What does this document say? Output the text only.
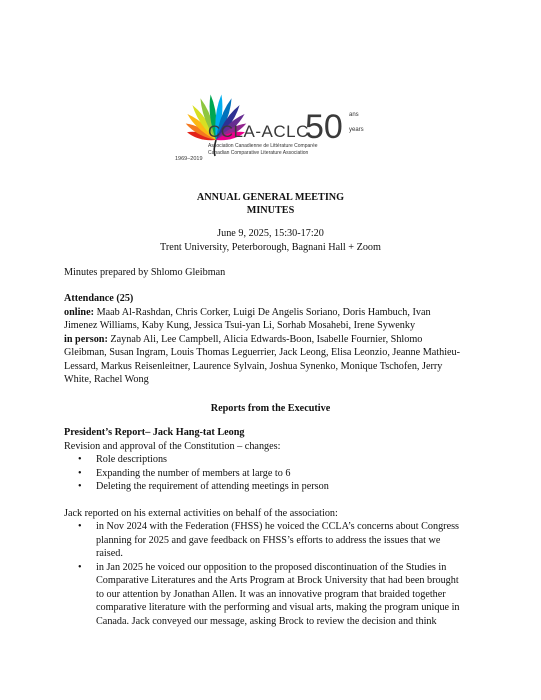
CCLA-ACLC
50 ans
years
Association Canadienne de Littérature Comparée
Canadian Comparative Literature Association
1969–2019
ANNUAL GENERAL MEETING
MINUTES
June 9, 2025, 15:30-17:20
Trent University, Peterborough, Bagnani Hall + Zoom
Minutes prepared by Shlomo Gleibman
Attendance (25)
online: Maab Al-Rashdan, Chris Corker, Luigi De Angelis Soriano, Doris Hambuch, Ivan
Jimenez Williams, Kaby Kung, Jessica Tsui-yan Li, Sorhab Mosahebi, Irene Sywenky
in person: Zaynab Ali, Lee Campbell, Alicia Edwards-Boon, Isabelle Fournier, Shlomo
Gleibman, Susan Ingram, Louis Thomas Leguerrier, Jack Leong, Elisa Leonzio, Jeanne Mathieu-
Lessard, Markus Reisenleitner, Laurence Sylvain, Joshua Synenko, Monique Tschofen, Jerry
White, Rachel Wong
Reports from the Executive
President’s Report– Jack Hang-tat Leong
Revision and approval of the Constitution – changes:
• Role descriptions
• Expanding the number of members at large to 6
• Deleting the requirement of attending meetings in person
Jack reported on his external activities on behalf of the association:
• in Nov 2024 with the Federation (FHSS) he voiced the CCLA’s concerns about Congress
planning for 2025 and gave feedback on FHSS’s efforts to address the issues that we
raised.
• in Jan 2025 he voiced our opposition to the proposed discontinuation of the Studies in
Comparative Literatures and the Arts Program at Brock University that had been brought
to our attention by Jonathan Allen. It was an innovative program that braided together
comparative literature with the performing and visual arts, making the program unique in
Canada. Jack conveyed our message, asking Brock to review the decision and think
